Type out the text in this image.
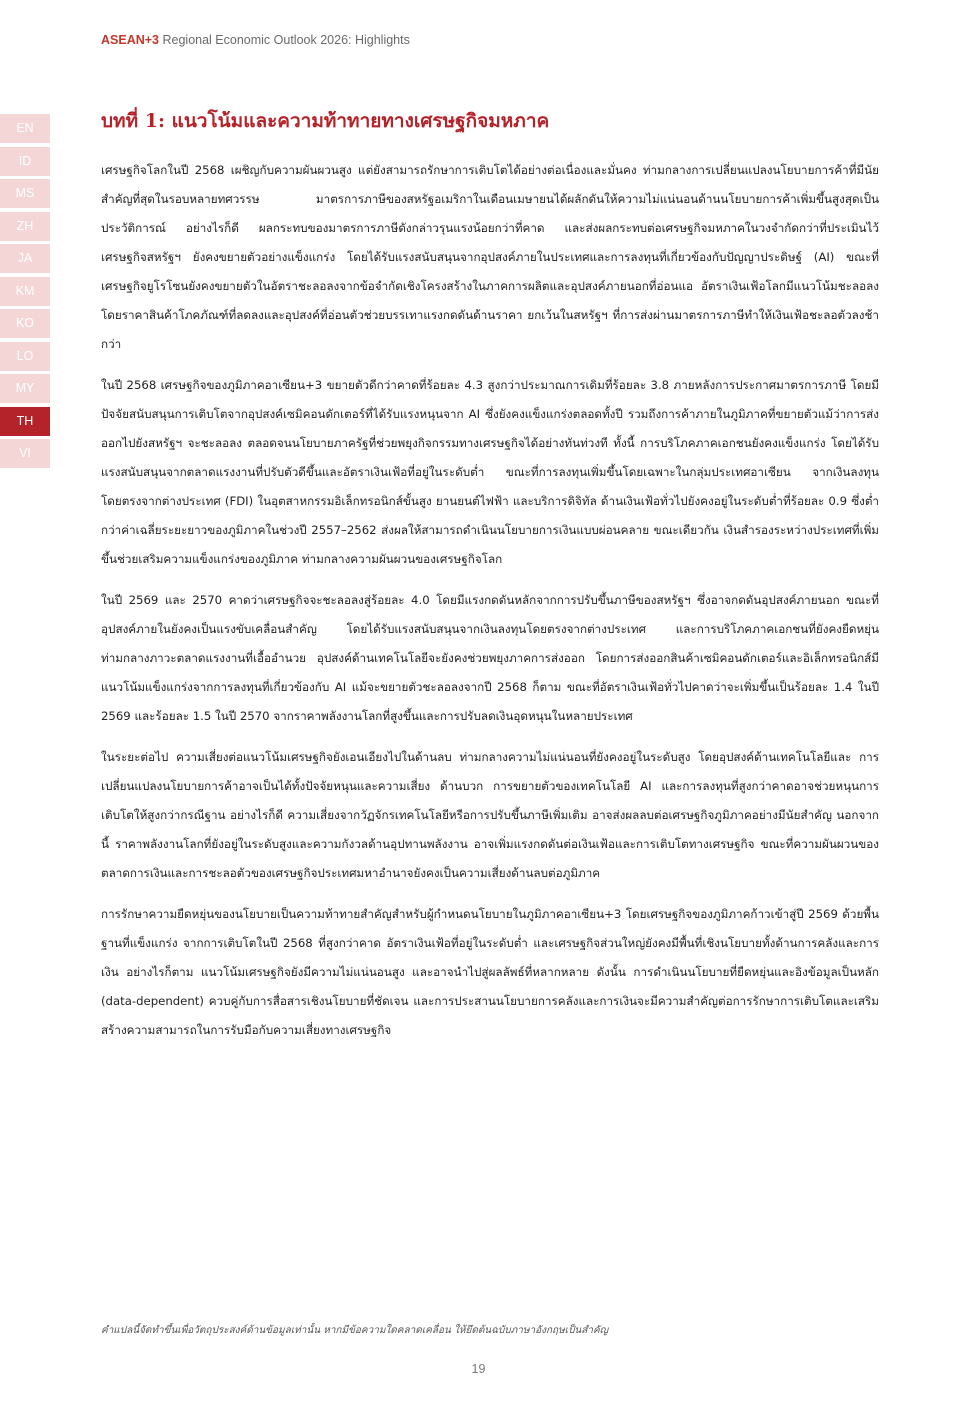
ASEAN+3 Regional Economic Outlook 2026: Highlights
EN
ID
MS
ZH
JA
KM
KO
LO
MY
TH
VI
บทที่ 1: แนวโน้มและความท้าทายทางเศรษฐกิจมหภาค

เศรษฐกิจโลกในปี 2568 เผชิญกับความผันผวนสูง แต่ยังสามารถรักษาการเติบโตได้อย่างต่อเนื่องและมั่นคง ท่ามกลางการเปลี่ยนแปลงนโยบายการค้าที่มีนัยสำคัญที่สุดในรอบหลายทศวรรษ มาตรการภาษีของสหรัฐอเมริกาในเดือนเมษายนได้ผลักดันให้ความไม่แน่นอนด้านนโยบายการค้าเพิ่มขึ้นสูงสุดเป็นประวัติการณ์ อย่างไรก็ดี ผลกระทบของมาตรการภาษีดังกล่าวรุนแรงน้อยกว่าที่คาด และส่งผลกระทบต่อเศรษฐกิจมหภาคในวงจำกัดกว่าที่ประเมินไว้ เศรษฐกิจสหรัฐฯ ยังคงขยายตัวอย่างแข็งแกร่ง โดยได้รับแรงสนับสนุนจากอุปสงค์ภายในประเทศและการลงทุนที่เกี่ยวข้องกับปัญญาประดิษฐ์ (AI) ขณะที่เศรษฐกิจยูโรโซนยังคงขยายตัวในอัตราชะลอลงจากข้อจำกัดเชิงโครงสร้างในภาคการผลิตและอุปสงค์ภายนอกที่อ่อนแอ อัตราเงินเฟ้อโลกมีแนวโน้มชะลอลง โดยราคาสินค้าโภคภัณฑ์ที่ลดลงและอุปสงค์ที่อ่อนตัวช่วยบรรเทาแรงกดดันด้านราคา ยกเว้นในสหรัฐฯ ที่การส่งผ่านมาตรการภาษีทำให้เงินเฟ้อชะลอตัวลงช้ากว่า

ในปี 2568 เศรษฐกิจของภูมิภาคอาเซียน+3 ขยายตัวดีกว่าคาดที่ร้อยละ 4.3 สูงกว่าประมาณการเดิมที่ร้อยละ 3.8 ภายหลังการประกาศมาตรการภาษี โดยมีปัจจัยสนับสนุนการเติบโตจากอุปสงค์เซมิคอนดักเตอร์ที่ได้รับแรงหนุนจาก AI ซึ่งยังคงแข็งแกร่งตลอดทั้งปี รวมถึงการค้าภายในภูมิภาคที่ขยายตัวแม้ว่าการส่งออกไปยังสหรัฐฯ จะชะลอลง ตลอดจนนโยบายภาครัฐที่ช่วยพยุงกิจกรรมทางเศรษฐกิจได้อย่างทันท่วงที ทั้งนี้ การบริโภคภาคเอกชนยังคงแข็งแกร่ง โดยได้รับแรงสนับสนุนจากตลาดแรงงานที่ปรับตัวดีขึ้นและอัตราเงินเฟ้อที่อยู่ในระดับต่ำ ขณะที่การลงทุนเพิ่มขึ้นโดยเฉพาะในกลุ่มประเทศอาเซียน จากเงินลงทุนโดยตรงจากต่างประเทศ (FDI) ในอุตสาหกรรมอิเล็กทรอนิกส์ขั้นสูง ยานยนต์ไฟฟ้า และบริการดิจิทัล ด้านเงินเฟ้อทั่วไปยังคงอยู่ในระดับต่ำที่ร้อยละ 0.9 ซึ่งต่ำกว่าค่าเฉลี่ยระยะยาวของภูมิภาคในช่วงปี 2557–2562 ส่งผลให้สามารถดำเนินนโยบายการเงินแบบผ่อนคลาย ขณะเดียวกัน เงินสำรองระหว่างประเทศที่เพิ่มขึ้นช่วยเสริมความแข็งแกร่งของภูมิภาค ท่ามกลางความผันผวนของเศรษฐกิจโลก

ในปี 2569 และ 2570 คาดว่าเศรษฐกิจจะชะลอลงสู่ร้อยละ 4.0 โดยมีแรงกดดันหลักจากการปรับขึ้นภาษีของสหรัฐฯ ซึ่งอาจกดดันอุปสงค์ภายนอก ขณะที่อุปสงค์ภายในยังคงเป็นแรงขับเคลื่อนสำคัญ โดยได้รับแรงสนับสนุนจากเงินลงทุนโดยตรงจากต่างประเทศ และการบริโภคภาคเอกชนที่ยังคงยืดหยุ่น ท่ามกลางภาวะตลาดแรงงานที่เอื้ออำนวย อุปสงค์ด้านเทคโนโลยีจะยังคงช่วยพยุงภาคการส่งออก โดยการส่งออกสินค้าเซมิคอนดักเตอร์และอิเล็กทรอนิกส์มีแนวโน้มแข็งแกร่งจากการลงทุนที่เกี่ยวข้องกับ AI แม้จะขยายตัวชะลอลงจากปี 2568 ก็ตาม ขณะที่อัตราเงินเฟ้อทั่วไปคาดว่าจะเพิ่มขึ้นเป็นร้อยละ 1.4 ในปี 2569 และร้อยละ 1.5 ในปี 2570 จากราคาพลังงานโลกที่สูงขึ้นและการปรับลดเงินอุดหนุนในหลายประเทศ

ในระยะต่อไป ความเสี่ยงต่อแนวโน้มเศรษฐกิจยังเอนเอียงไปในด้านลบ ท่ามกลางความไม่แน่นอนที่ยังคงอยู่ในระดับสูง โดยอุปสงค์ด้านเทคโนโลยีและ การเปลี่ยนแปลงนโยบายการค้าอาจเป็นได้ทั้งปัจจัยหนุนและความเสี่ยง ด้านบวก การขยายตัวของเทคโนโลยี AI และการลงทุนที่สูงกว่าคาดอาจช่วยหนุนการเติบโตให้สูงกว่ากรณีฐาน อย่างไรก็ดี ความเสี่ยงจากวัฏจักรเทคโนโลยีหรือการปรับขึ้นภาษีเพิ่มเติม อาจส่งผลลบต่อเศรษฐกิจภูมิภาคอย่างมีนัยสำคัญ นอกจากนี้ ราคาพลังงานโลกที่ยังอยู่ในระดับสูงและความกังวลด้านอุปทานพลังงาน อาจเพิ่มแรงกดดันต่อเงินเฟ้อและการเติบโตทางเศรษฐกิจ ขณะที่ความผันผวนของตลาดการเงินและการชะลอตัวของเศรษฐกิจประเทศมหาอำนาจยังคงเป็นความเสี่ยงด้านลบต่อภูมิภาค

การรักษาความยืดหยุ่นของนโยบายเป็นความท้าทายสำคัญสำหรับผู้กำหนดนโยบายในภูมิภาคอาเซียน+3 โดยเศรษฐกิจของภูมิภาคก้าวเข้าสู่ปี 2569 ด้วยพื้นฐานที่แข็งแกร่ง จากการเติบโตในปี 2568 ที่สูงกว่าคาด อัตราเงินเฟ้อที่อยู่ในระดับต่ำ และเศรษฐกิจส่วนใหญ่ยังคงมีพื้นที่เชิงนโยบายทั้งด้านการคลังและการเงิน อย่างไรก็ตาม แนวโน้มเศรษฐกิจยังมีความไม่แน่นอนสูง และอาจนำไปสู่ผลลัพธ์ที่หลากหลาย ดังนั้น การดำเนินนโยบายที่ยืดหยุ่นและอิงข้อมูลเป็นหลัก (data-dependent) ควบคู่กับการสื่อสารเชิงนโยบายที่ชัดเจน และการประสานนโยบายการคลังและการเงินจะมีความสำคัญต่อการรักษาการเติบโตและเสริมสร้างความสามารถในการรับมือกับความเสี่ยงทางเศรษฐกิจ

คำแปลนี้จัดทำขึ้นเพื่อวัตถุประสงค์ด้านข้อมูลเท่านั้น หากมีข้อความใดคลาดเคลื่อน ให้ยึดต้นฉบับภาษาอังกฤษเป็นสำคัญ
19
